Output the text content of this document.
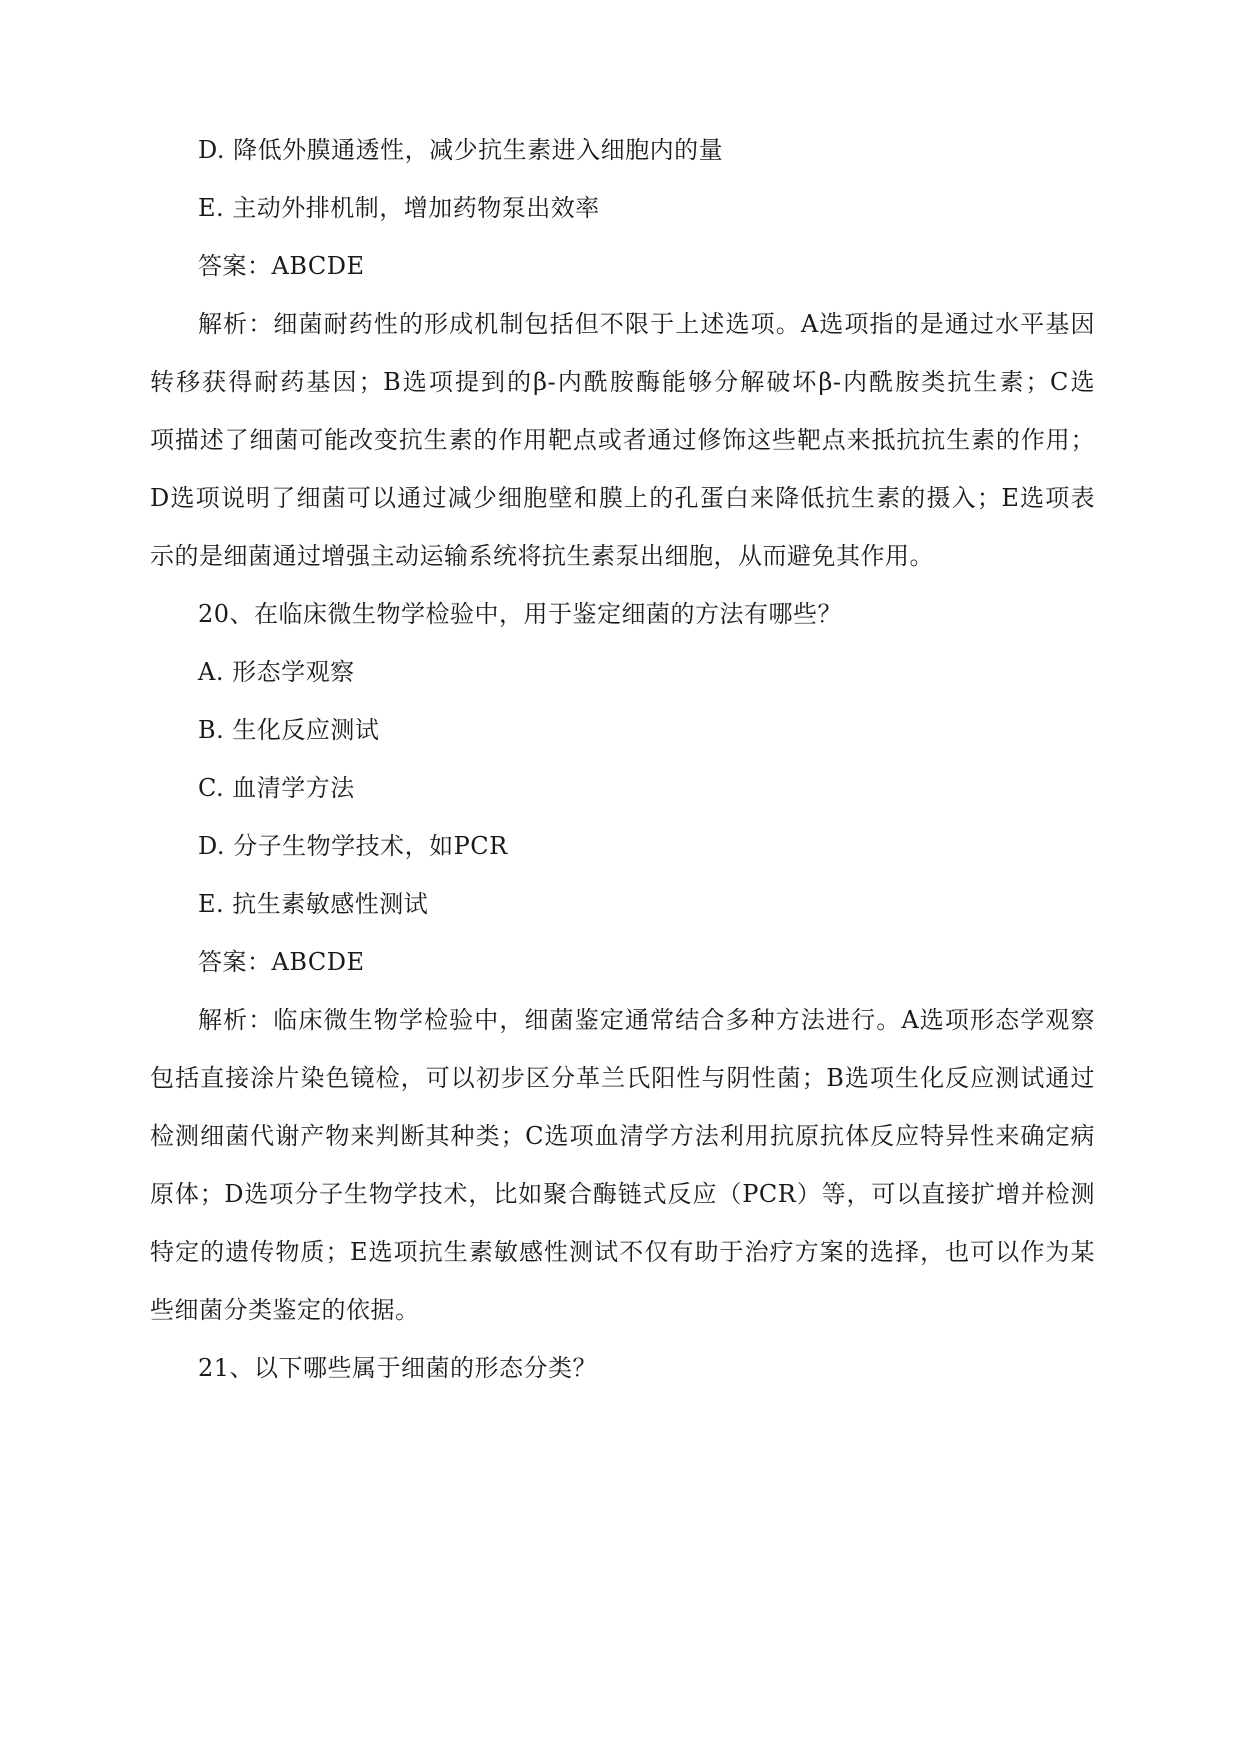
D. 降低外膜通透性，减少抗生素进入细胞内的量
E. 主动外排机制，增加药物泵出效率
答案：ABCDE
解析：细菌耐药性的形成机制包括但不限于上述选项。A选项指的是通过水平基因
转移获得耐药基因；B选项提到的β-内酰胺酶能够分解破坏β-内酰胺类抗生素；C选
项描述了细菌可能改变抗生素的作用靶点或者通过修饰这些靶点来抵抗抗生素的作用；
D选项说明了细菌可以通过减少细胞壁和膜上的孔蛋白来降低抗生素的摄入；E选项表
示的是细菌通过增强主动运输系统将抗生素泵出细胞，从而避免其作用。
20、在临床微生物学检验中，用于鉴定细菌的方法有哪些？
A. 形态学观察
B. 生化反应测试
C. 血清学方法
D. 分子生物学技术，如PCR
E. 抗生素敏感性测试
答案：ABCDE
解析：临床微生物学检验中，细菌鉴定通常结合多种方法进行。A选项形态学观察
包括直接涂片染色镜检，可以初步区分革兰氏阳性与阴性菌；B选项生化反应测试通过
检测细菌代谢产物来判断其种类；C选项血清学方法利用抗原抗体反应特异性来确定病
原体；D选项分子生物学技术，比如聚合酶链式反应（PCR）等，可以直接扩增并检测
特定的遗传物质；E选项抗生素敏感性测试不仅有助于治疗方案的选择，也可以作为某
些细菌分类鉴定的依据。
21、以下哪些属于细菌的形态分类？
